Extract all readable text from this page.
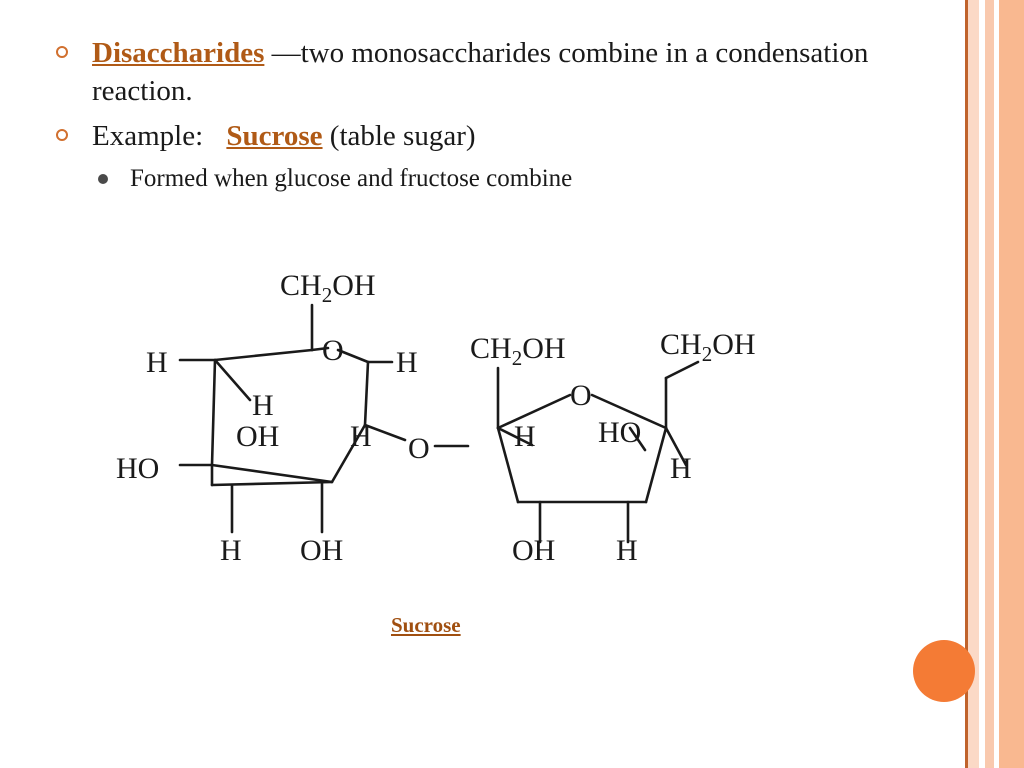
Disaccharides —two monosaccharides combine in a condensation reaction.
Example: Sucrose (table sugar)
Formed when glucose and fructose combine
$CH_2OH$
H	O H
H
OH H
HO
H OH
O
$CH_2OH$
O
$CH_2OH$
H HO
H
OH H
Sucrose
